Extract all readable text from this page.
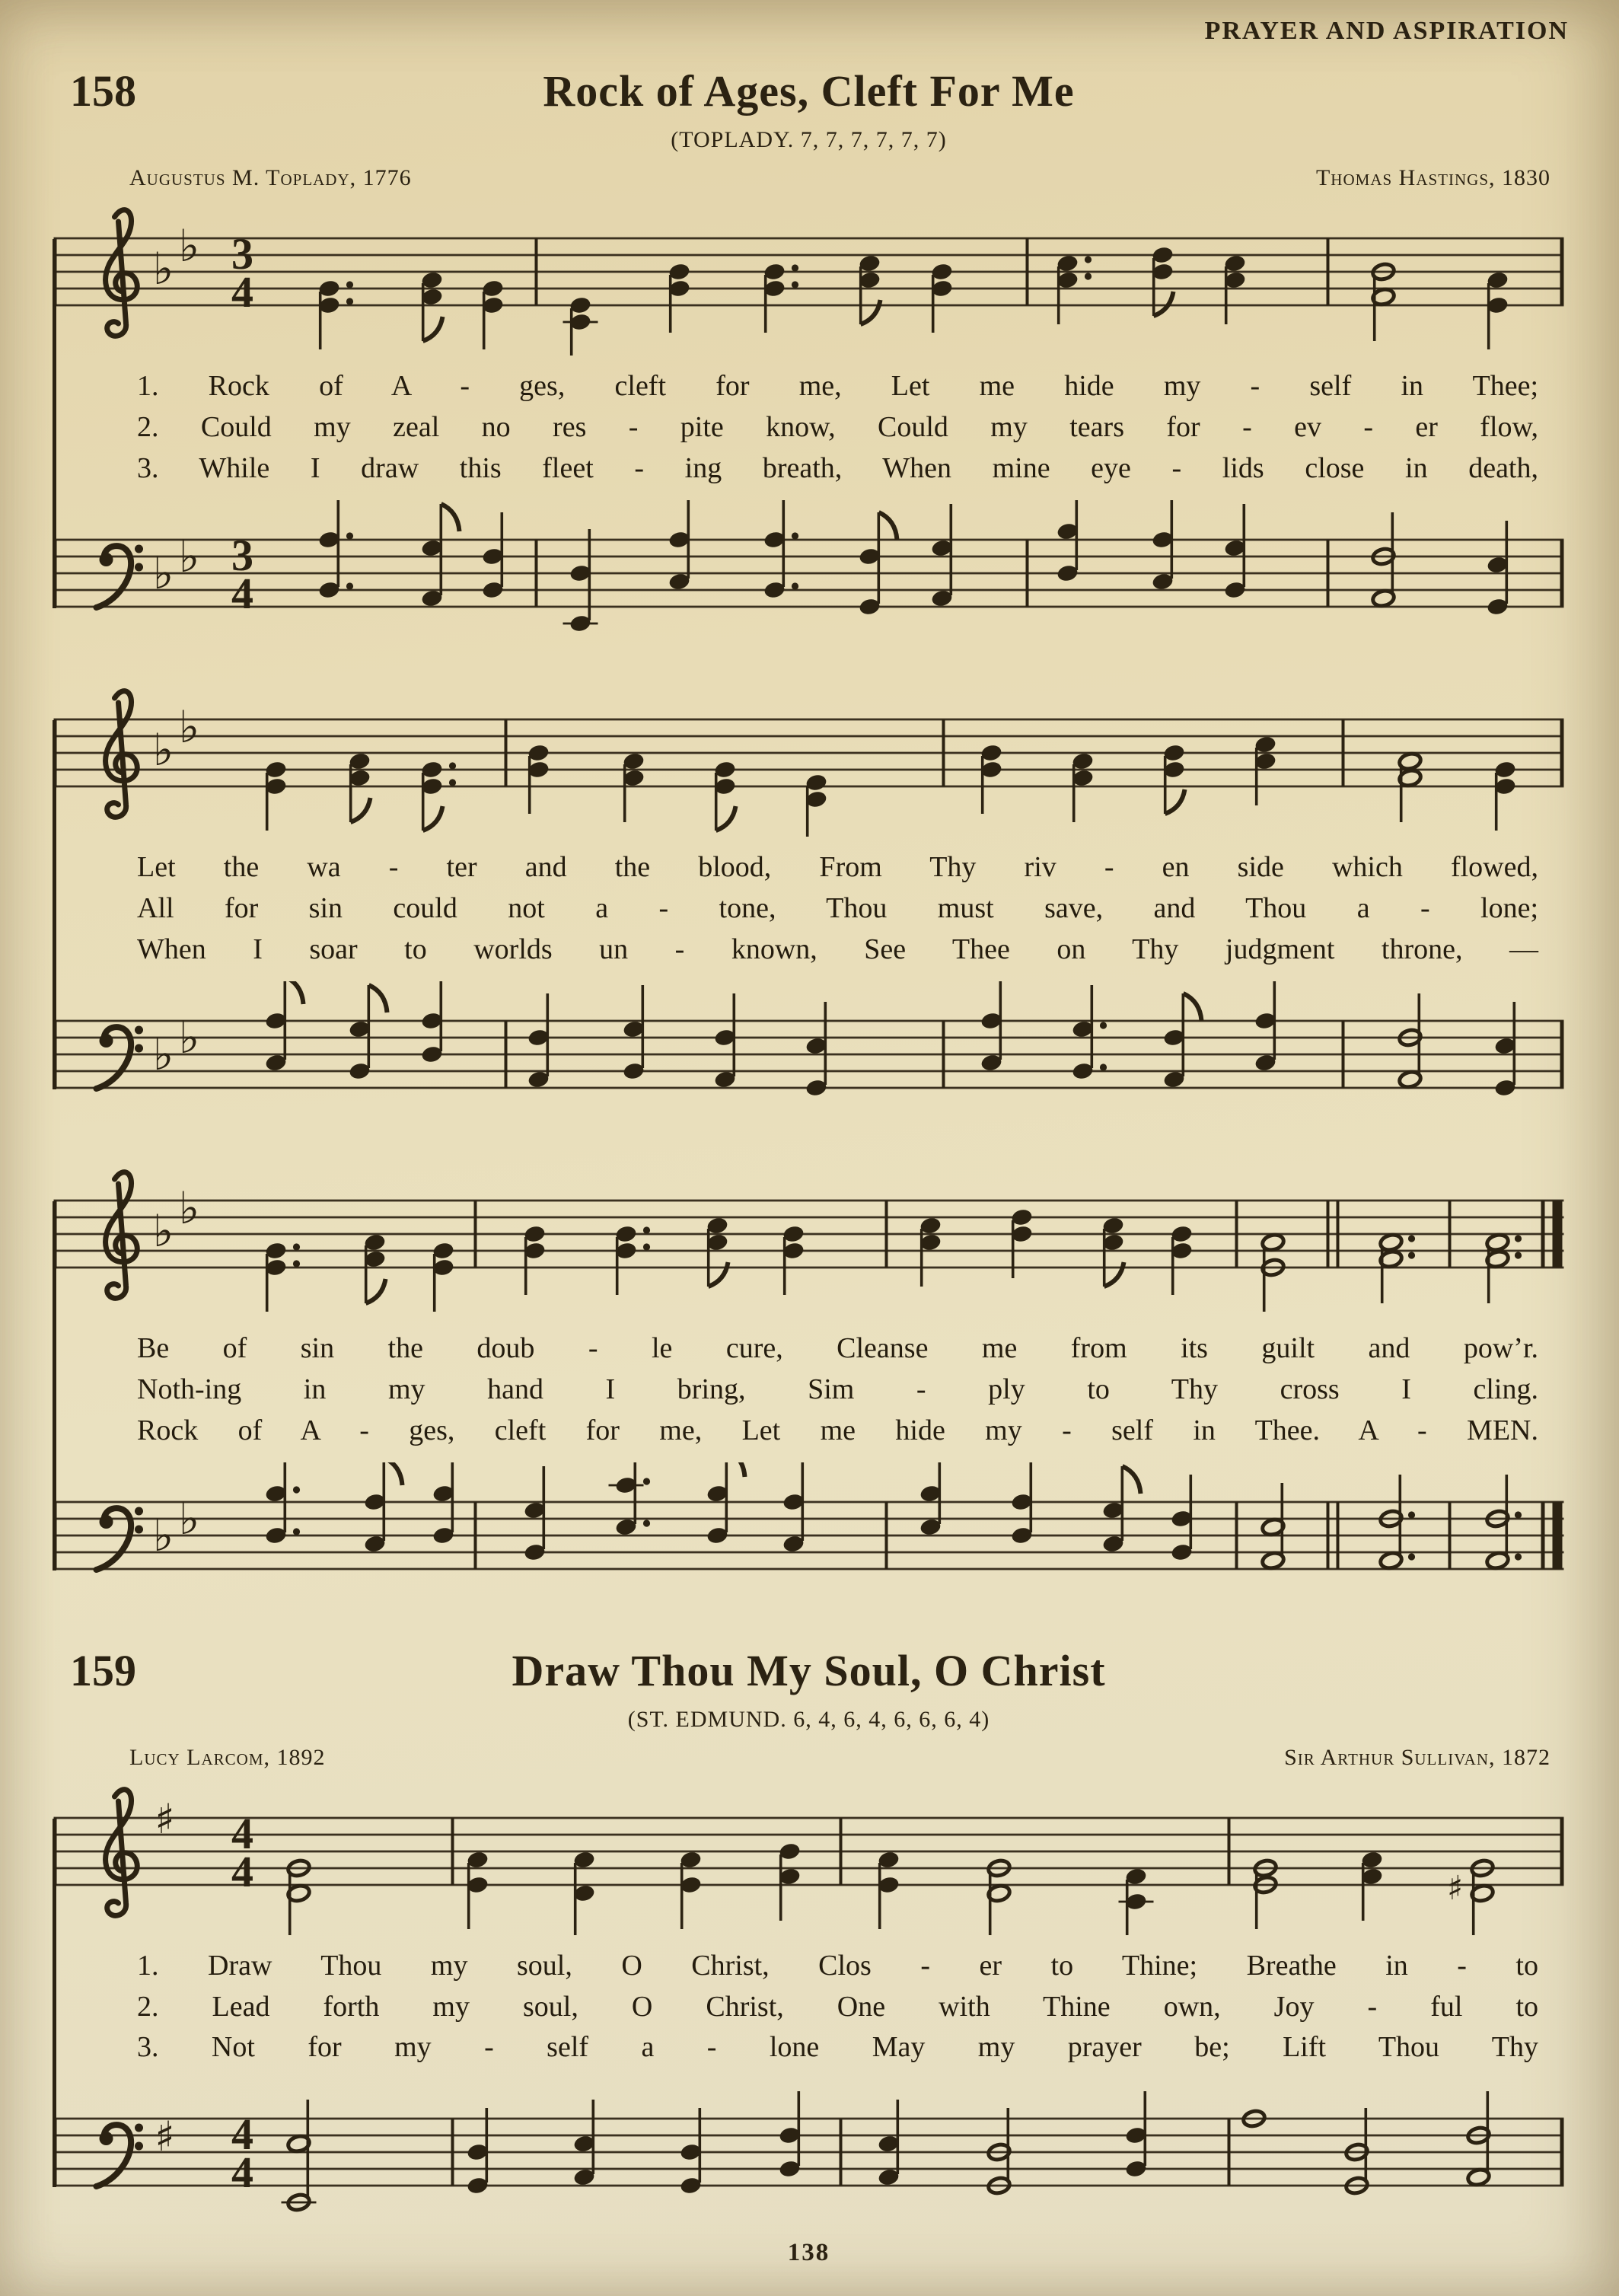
PRAYER AND ASPIRATION
158	Rock of Ages, Cleft For Me
(TOPLADY. 7, 7, 7, 7, 7, 7)
Augustus M. Toplady, 1776	Thomas Hastings, 1830
♭ ♭ 3
4
1. Rock of A - ges, cleft for me, Let me hide my - self in Thee;
2. Could my zeal no res - pite know, Could my tears for - ev - er flow,
3. While I draw this fleet - ing breath, When mine eye - lids close in death,
♭ ♭ 3
4
♭ ♭
Let the wa - ter and the blood, From Thy riv - en side which flowed,
All for sin could not a - tone, Thou must save, and Thou a - lone;
When I soar to worlds un - known, See Thee on Thy judgment throne, —
♭ ♭
♭ ♭
Be of sin the doub - le cure, Cleanse me from its guilt and pow’r.
Noth-ing in my hand I bring, Sim - ply to Thy cross I cling.
Rock of A - ges, cleft for me, Let me hide my - self in Thee. A - MEN.
♭ ♭
159	Draw Thou My Soul, O Christ
(ST. EDMUND. 6, 4, 6, 4, 6, 6, 6, 4)
Lucy Larcom, 1892	Sir Arthur Sullivan, 1872
♯ 4
4	♯
1. Draw Thou my soul, O Christ, Clos - er to Thine; Breathe in - to
2. Lead forth my soul, O Christ, One with Thine own, Joy - ful to
3. Not for my - self a - lone May my prayer be; Lift Thou Thy
♯ 4
4
138
